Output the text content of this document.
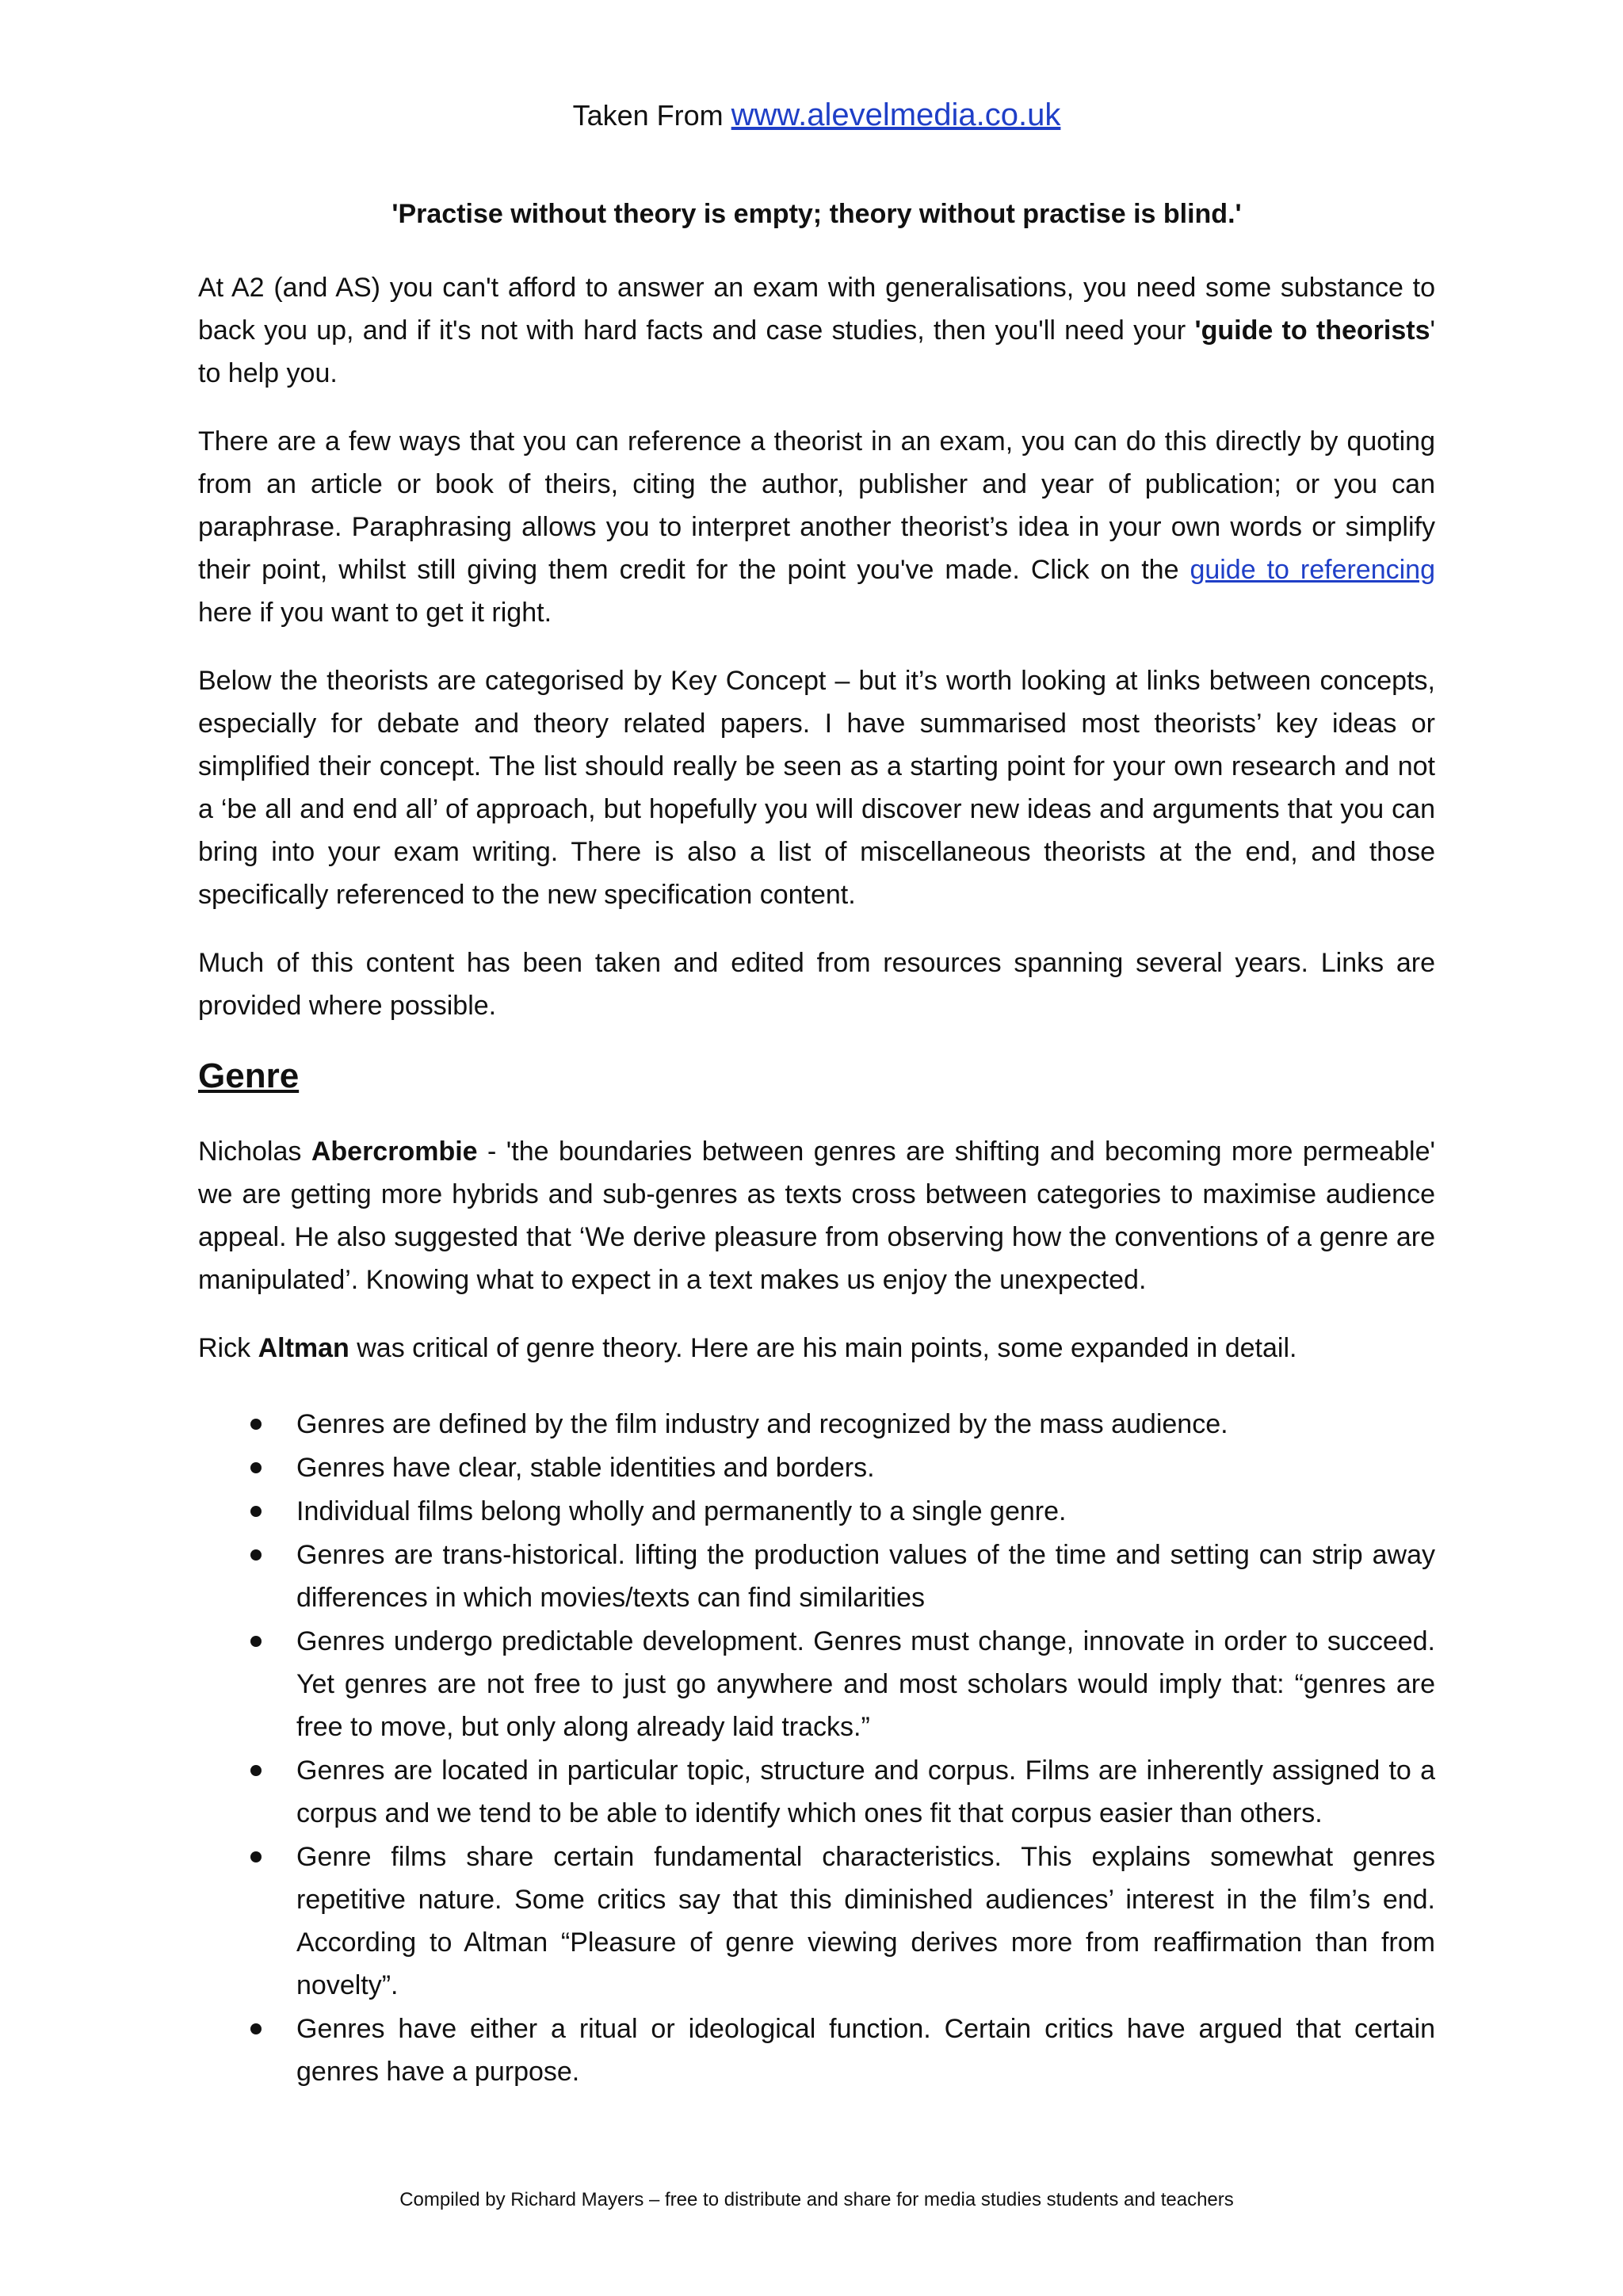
Taken From www.alevelmedia.co.uk
'Practise without theory is empty; theory without practise is blind.'
At A2 (and AS) you can't afford to answer an exam with generalisations, you need some substance to back you up, and if it's not with hard facts and case studies, then you'll need your 'guide to theorists' to help you.
There are a few ways that you can reference a theorist in an exam, you can do this directly by quoting from an article or book of theirs, citing the author, publisher and year of publication; or you can paraphrase. Paraphrasing allows you to interpret another theorist’s idea in your own words or simplify their point, whilst still giving them credit for the point you've made. Click on the guide to referencing here if you want to get it right.
Below the theorists are categorised by Key Concept – but it’s worth looking at links between concepts, especially for debate and theory related papers. I have summarised most theorists’ key ideas or simplified their concept. The list should really be seen as a starting point for your own research and not a ‘be all and end all’ of approach, but hopefully you will discover new ideas and arguments that you can bring into your exam writing. There is also a list of miscellaneous theorists at the end, and those specifically referenced to the new specification content.
Much of this content has been taken and edited from resources spanning several years. Links are provided where possible.
Genre
Nicholas Abercrombie - 'the boundaries between genres are shifting and becoming more permeable' we are getting more hybrids and sub-genres as texts cross between categories to maximise audience appeal. He also suggested that ‘We derive pleasure from observing how the conventions of a genre are manipulated’. Knowing what to expect in a text makes us enjoy the unexpected.
Rick Altman was critical of genre theory. Here are his main points, some expanded in detail.
Genres are defined by the film industry and recognized by the mass audience.
Genres have clear, stable identities and borders.
Individual films belong wholly and permanently to a single genre.
Genres are trans-historical. lifting the production values of the time and setting can strip away differences in which movies/texts can find similarities
Genres undergo predictable development. Genres must change, innovate in order to succeed. Yet genres are not free to just go anywhere and most scholars would imply that: “genres are free to move, but only along already laid tracks.”
Genres are located in particular topic, structure and corpus. Films are inherently assigned to a corpus and we tend to be able to identify which ones fit that corpus easier than others.
Genre films share certain fundamental characteristics. This explains somewhat genres repetitive nature. Some critics say that this diminished audiences’ interest in the film’s end. According to Altman “Pleasure of genre viewing derives more from reaffirmation than from novelty”.
Genres have either a ritual or ideological function. Certain critics have argued that certain genres have a purpose.
Compiled by Richard Mayers – free to distribute and share for media studies students and teachers
